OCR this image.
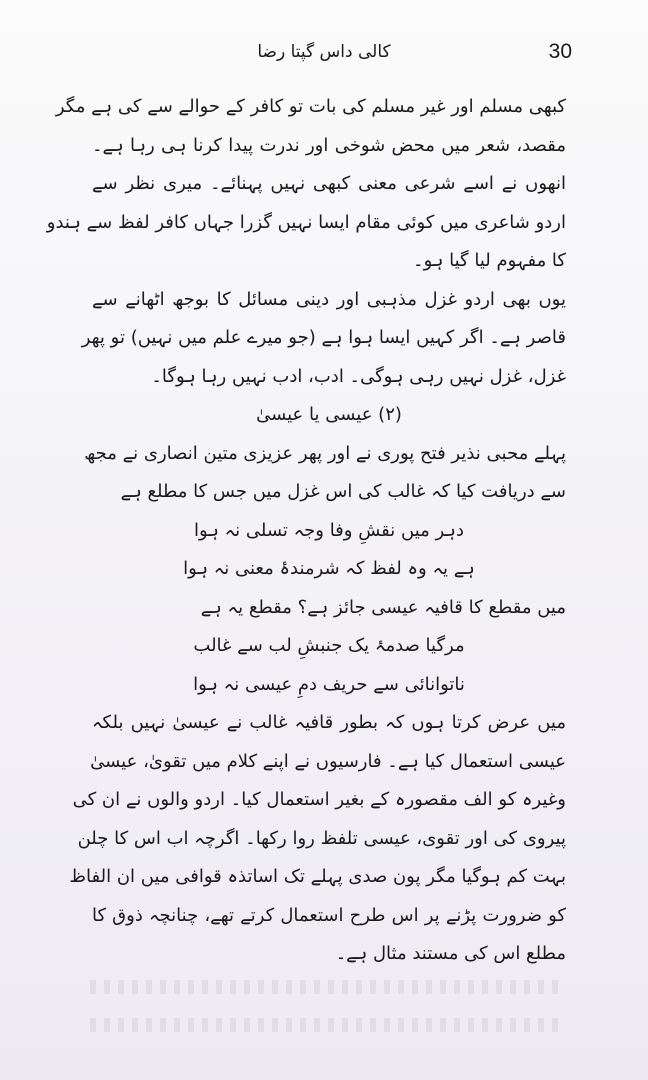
کالی داس گپتا رضا	30
کبھی مسلم اور غیر مسلم کی بات تو کافر کے حوالے سے کی ہے مگر
مقصد، شعر میں محض شوخی اور ندرت پیدا کرنا ہی رہا ہے۔
انھوں نے اسے شرعی معنی کبھی نہیں پہنائے۔ میری نظر سے
اردو شاعری میں کوئی مقام ایسا نہیں گزرا جہاں کافر لفظ سے ہندو
کا مفہوم لیا گیا ہو۔
یوں بھی اردو غزل مذہبی اور دینی مسائل کا بوجھ اٹھانے سے
قاصر ہے۔ اگر کہیں ایسا ہوا ہے (جو میرے علم میں نہیں) تو پھر
غزل، غزل نہیں رہی ہوگی۔ ادب، ادب نہیں رہا ہوگا۔
(۲) عیسی یا عیسیٰ
پہلے محبی نذیر فتح پوری نے اور پھر عزیزی متین انصاری نے مجھ
سے دریافت کیا کہ غالب کی اس غزل میں جس کا مطلع ہے
دہر میں نقشِ وفا وجہ تسلی نہ ہوا
ہے یہ وہ لفظ کہ شرمندۂ معنی نہ ہوا
میں مقطع کا قافیہ عیسی جائز ہے؟ مقطع یہ ہے
مرگیا صدمۂ یک جنبشِ لب سے غالب
ناتوانائی سے حریف دمِ عیسی نہ ہوا
میں عرض کرتا ہوں کہ بطور قافیہ غالب نے عیسیٰ نہیں بلکہ
عیسی استعمال کیا ہے۔ فارسیوں نے اپنے کلام میں تقویٰ، عیسیٰ
وغیرہ کو الف مقصورہ کے بغیر استعمال کیا۔ اردو والوں نے ان کی
پیروی کی اور تقوی، عیسی تلفظ روا رکھا۔ اگرچہ اب اس کا چلن
بہت کم ہوگیا مگر پون صدی پہلے تک اساتذہ قوافی میں ان الفاظ
کو ضرورت پڑنے پر اس طرح استعمال کرتے تھے، چنانچہ ذوق کا
مطلع اس کی مستند مثال ہے۔
